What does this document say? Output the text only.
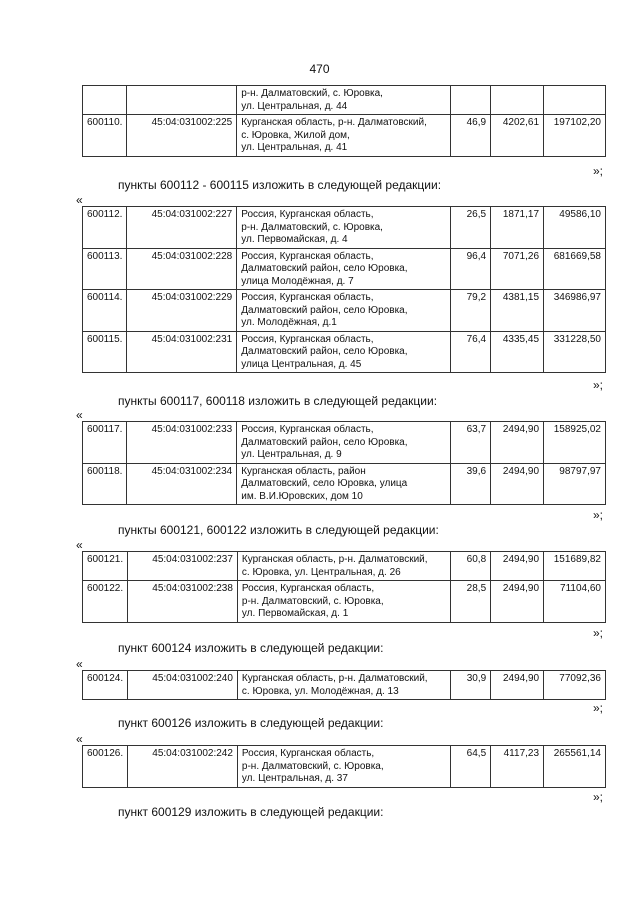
470

		р-н. Далматовский, с. Юровка,
ул. Центральная, д. 44			

600110.	45:04:031002:225	Курганская область, р-н. Далматовский,
с. Юровка, Жилой дом,
ул. Центральная, д. 41	46,9	4202,61	197102,20
»;
пункты 600112 - 600115 изложить в следующей редакции:
«
600112.	45:04:031002:227	Россия, Курганская область,
р-н. Далматовский, с. Юровка,
ул. Первомайская, д. 4	26,5	1871,17	49586,10
600113.	45:04:031002:228	Россия, Курганская область,
Далматовский район, село Юровка,
улица Молодёжная, д. 7	96,4	7071,26	681669,58
600114.	45:04:031002:229	Россия, Курганская область,
Далматовский район, село Юровка,
ул. Молодёжная, д.1	79,2	4381,15	346986,97
600115.	45:04:031002:231	Россия, Курганская область,
Далматовский район, село Юровка,
улица Центральная, д. 45	76,4	4335,45	331228,50
»;
пункты 600117, 600118 изложить в следующей редакции:
«
600117.	45:04:031002:233	Россия, Курганская область,
Далматовский район, село Юровка,
ул. Центральная, д. 9	63,7	2494,90	158925,02
600118.	45:04:031002:234	Курганская область, район
Далматовский, село Юровка, улица
им. В.И.Юровских, дом 10	39,6	2494,90	98797,97
»;
пункты 600121, 600122 изложить в следующей редакции:
«
600121.	45:04:031002:237	Курганская область, р-н. Далматовский,
с. Юровка, ул. Центральная, д. 26	60,8	2494,90	151689,82
600122.	45:04:031002:238	Россия, Курганская область,
р-н. Далматовский, с. Юровка,
ул. Первомайская, д. 1	28,5	2494,90	71104,60
»;
пункт 600124 изложить в следующей редакции:
«
600124.	45:04:031002:240	Курганская область, р-н. Далматовский,
с. Юровка, ул. Молодёжная, д. 13
	30,9	2494,90	77092,36
»;
пункт 600126 изложить в следующей редакции:
«
600126.	45:04:031002:242	Россия, Курганская область,
р-н. Далматовский, с. Юровка,
ул. Центральная, д. 37
	64,5	4117,23	265561,14
»;
пункт 600129 изложить в следующей редакции:
